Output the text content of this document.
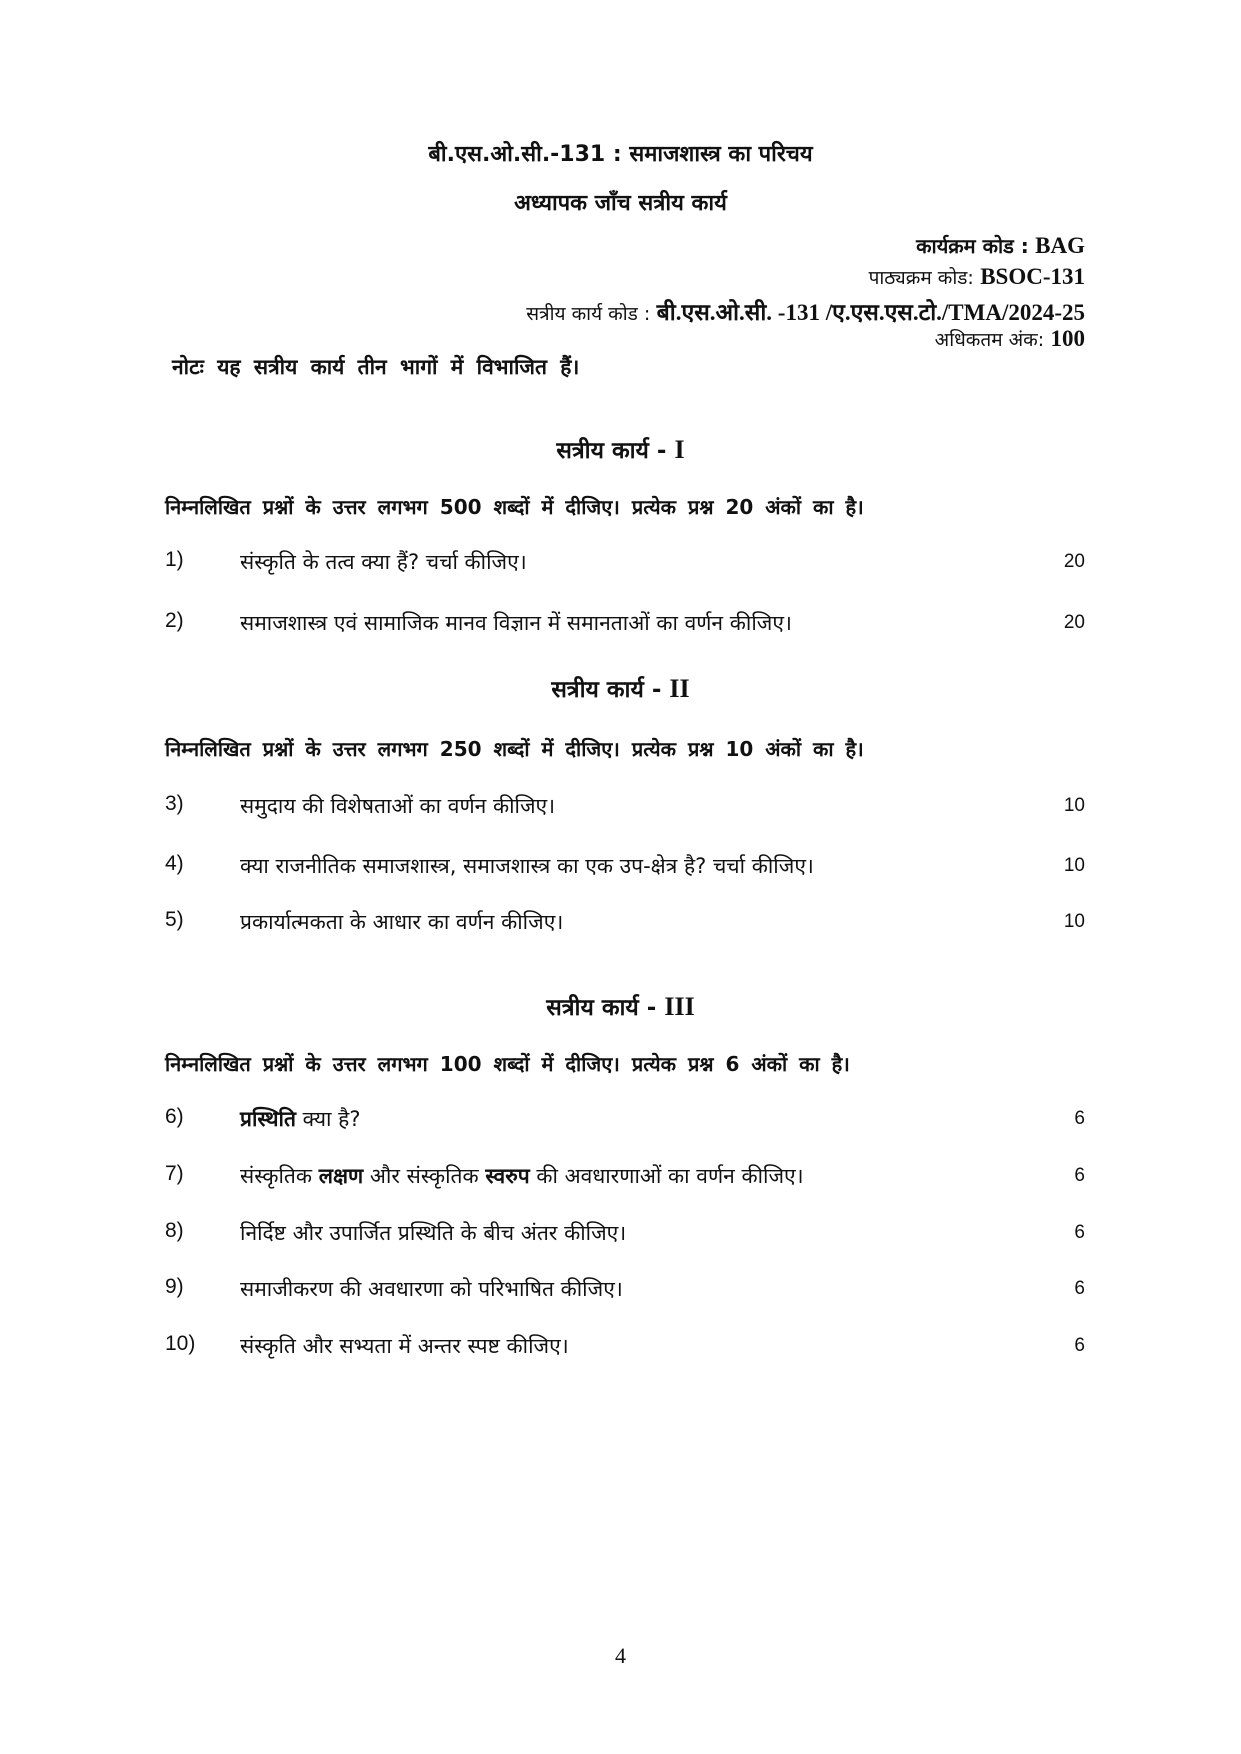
बी.एस.ओ.सी.-131 : समाजशास्त्र का परिचय
अध्यापक जाँच सत्रीय कार्य
कार्यक्रम कोड : BAG
पाठ्यक्रम कोड: BSOC-131
सत्रीय कार्य कोड : बी.एस.ओ.सी. -131 /ए.एस.एस.टो./TMA/2024-25
अधिकतम अंक: 100
नोटः यह सत्रीय कार्य तीन भागों में विभाजित हैं।
सत्रीय कार्य - I
निम्नलिखित प्रश्नों के उत्तर लगभग 500 शब्दों में दीजिए। प्रत्येक प्रश्न 20 अंकों का है।
1)	संस्कृति के तत्व क्या हैं? चर्चा कीजिए।	20
2)	समाजशास्त्र एवं सामाजिक मानव विज्ञान में समानताओं का वर्णन कीजिए।	20
सत्रीय कार्य - II
निम्नलिखित प्रश्नों के उत्तर लगभग 250 शब्दों में दीजिए। प्रत्येक प्रश्न 10 अंकों का है।
3)	समुदाय की विशेषताओं का वर्णन कीजिए।	10
4)	क्या राजनीतिक समाजशास्त्र, समाजशास्त्र का एक उप-क्षेत्र है? चर्चा कीजिए।	10
5)	प्रकार्यात्मकता के आधार का वर्णन कीजिए।	10
सत्रीय कार्य - III
निम्नलिखित प्रश्नों के उत्तर लगभग 100 शब्दों में दीजिए। प्रत्येक प्रश्न 6 अंकों का है।
6)	प्रस्थिति क्या है?	6
7)	संस्कृतिक लक्षण और संस्कृतिक स्वरुप की अवधारणाओं का वर्णन कीजिए।	6
8)	निर्दिष्ट और उपार्जित प्रस्थिति के बीच अंतर कीजिए।	6
9)	समाजीकरण की अवधारणा को परिभाषित कीजिए।	6
10) संस्कृति और सभ्यता में अन्तर स्पष्ट कीजिए।	6
4
